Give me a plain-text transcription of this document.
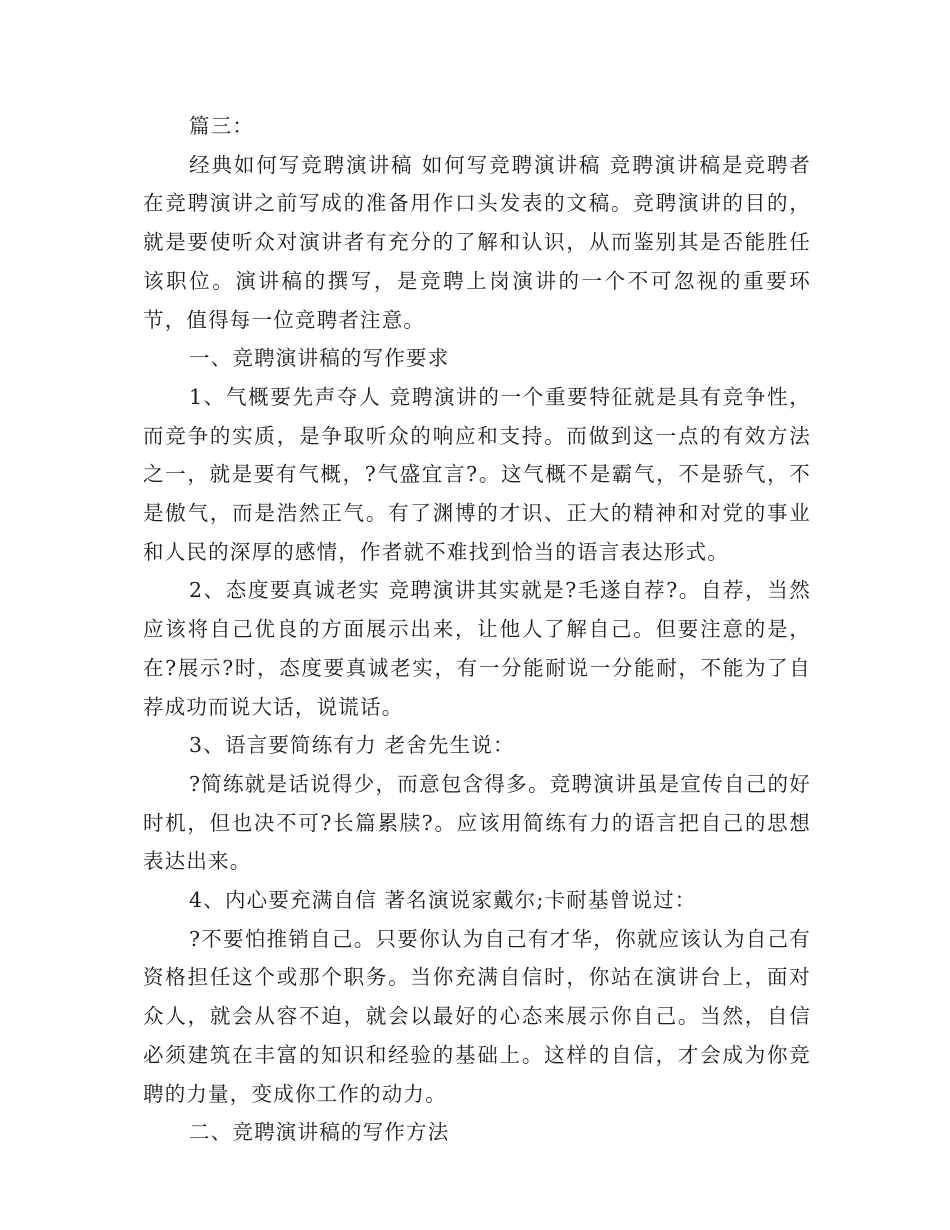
篇三：

经典如何写竞聘演讲稿 如何写竞聘演讲稿 竞聘演讲稿是竞聘者在竞聘演讲之前写成的准备用作口头发表的文稿。竞聘演讲的目的，就是要使听众对演讲者有充分的了解和认识，从而鉴别其是否能胜任该职位。演讲稿的撰写，是竞聘上岗演讲的一个不可忽视的重要环节，值得每一位竞聘者注意。

一、竞聘演讲稿的写作要求

1、气概要先声夺人 竞聘演讲的一个重要特征就是具有竞争性，而竞争的实质，是争取听众的响应和支持。而做到这一点的有效方法之一，就是要有气概，?气盛宜言?。这气概不是霸气，不是骄气，不是傲气，而是浩然正气。有了渊博的才识、正大的精神和对党的事业和人民的深厚的感情，作者就不难找到恰当的语言表达形式。

2、态度要真诚老实 竞聘演讲其实就是?毛遂自荐?。自荐，当然应该将自己优良的方面展示出来，让他人了解自己。但要注意的是，在?展示?时，态度要真诚老实，有一分能耐说一分能耐，不能为了自荐成功而说大话，说谎话。

3、语言要简练有力 老舍先生说：

?简练就是话说得少，而意包含得多。竞聘演讲虽是宣传自己的好时机，但也决不可?长篇累牍?。应该用简练有力的语言把自己的思想表达出来。

4、内心要充满自信 著名演说家戴尔;卡耐基曾说过：

?不要怕推销自己。只要你认为自己有才华，你就应该认为自己有资格担任这个或那个职务。当你充满自信时，你站在演讲台上，面对众人，就会从容不迫，就会以最好的心态来展示你自己。当然，自信必须建筑在丰富的知识和经验的基础上。这样的自信，才会成为你竞聘的力量，变成你工作的动力。

二、竞聘演讲稿的写作方法
